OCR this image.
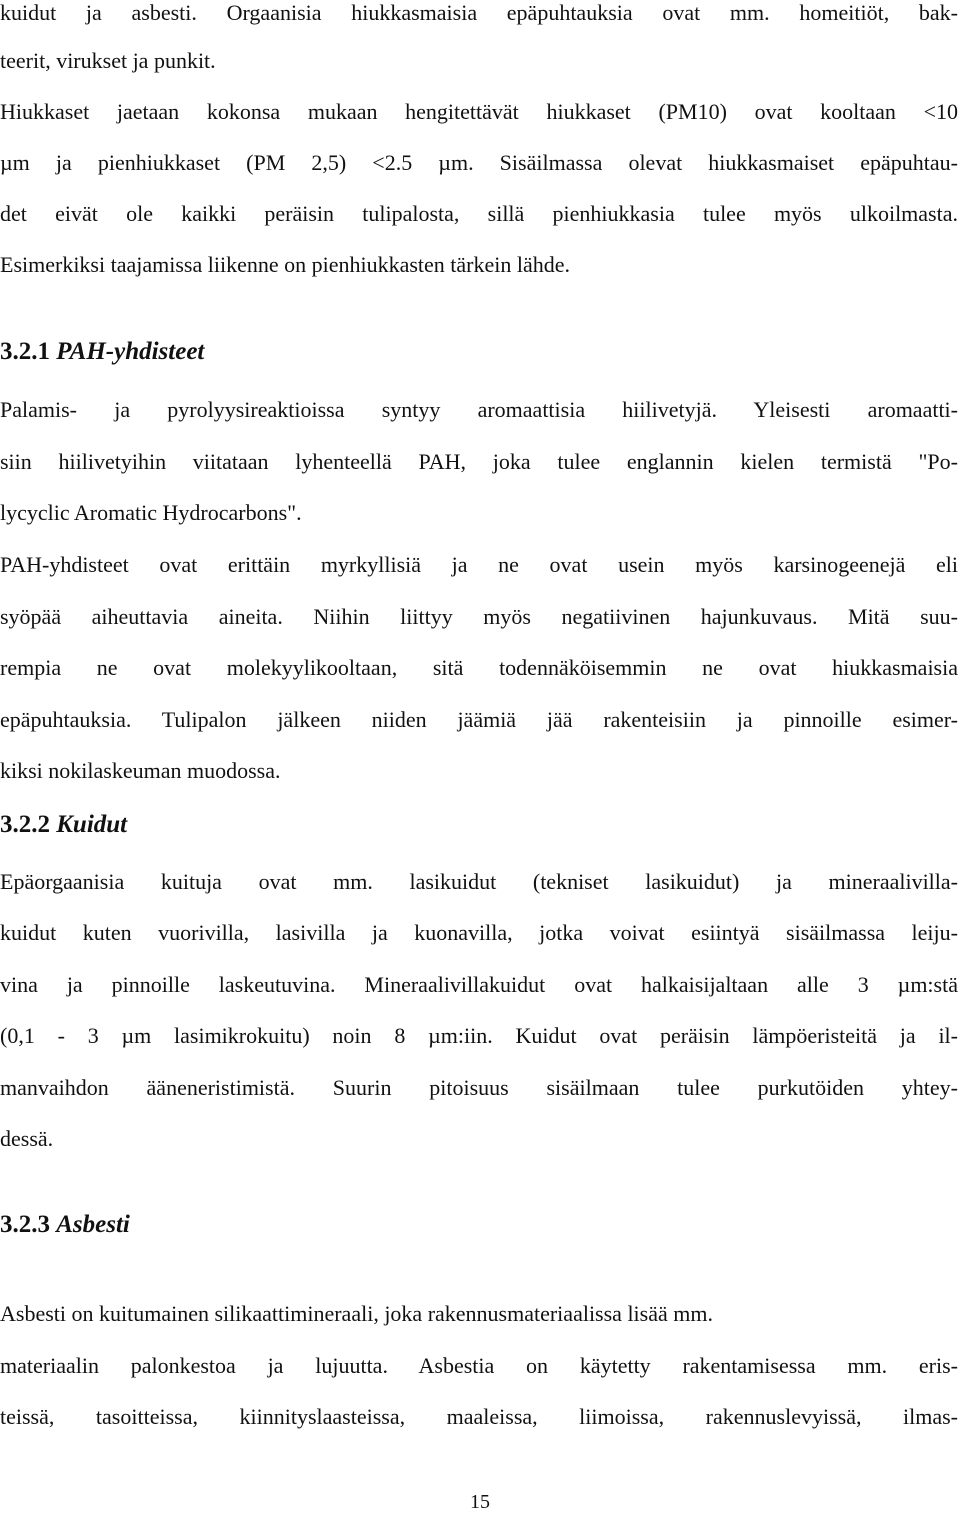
kuidut ja asbesti. Orgaanisia hiukkasmaisia epäpuhtauksia ovat mm. homeitiöt, bak-
teerit, virukset ja punkit.
Hiukkaset jaetaan kokonsa mukaan hengitettävät hiukkaset (PM10) ovat kooltaan <10
µm ja pienhiukkaset (PM 2,5) <2.5 µm. Sisäilmassa olevat hiukkasmaiset epäpuhtau-
det eivät ole kaikki peräisin tulipalosta, sillä pienhiukkasia tulee myös ulkoilmasta.
Esimerkiksi taajamissa liikenne on pienhiukkasten tärkein lähde.
3.2.1 PAH-yhdisteet
Palamis- ja pyrolyysireaktioissa syntyy aromaattisia hiilivetyjä. Yleisesti aromaatti-
siin hiilivetyihin viitataan lyhenteellä PAH, joka tulee englannin kielen termistä "Po-
lycyclic Aromatic Hydrocarbons".
PAH-yhdisteet ovat erittäin myrkyllisiä ja ne ovat usein myös karsinogeenejä eli
syöpää aiheuttavia aineita. Niihin liittyy myös negatiivinen hajunkuvaus. Mitä suu-
rempia ne ovat molekyylikooltaan, sitä todennäköisemmin ne ovat hiukkasmaisia
epäpuhtauksia. Tulipalon jälkeen niiden jäämiä jää rakenteisiin ja pinnoille esimer-
kiksi nokilaskeuman muodossa.
3.2.2 Kuidut
Epäorgaanisia kuituja ovat mm. lasikuidut (tekniset lasikuidut) ja mineraalivilla-
kuidut kuten vuorivilla, lasivilla ja kuonavilla, jotka voivat esiintyä sisäilmassa leiju-
vina ja pinnoille laskeutuvina. Mineraalivillakuidut ovat halkaisijaltaan alle 3 µm:stä
(0,1 - 3 µm lasimikrokuitu) noin 8 µm:iin. Kuidut ovat peräisin lämpöeristeitä ja il-
manvaihdon ääneneristimistä. Suurin pitoisuus sisäilmaan tulee purkutöiden yhtey-
dessä.
3.2.3 Asbesti
Asbesti on kuitumainen silikaattimineraali, joka rakennusmateriaalissa lisää mm.
materiaalin palonkestoa ja lujuutta. Asbestia on käytetty rakentamisessa mm. eris-
teissä, tasoitteissa, kiinnityslaasteissa, maaleissa, liimoissa, rakennuslevyissä, ilmas-
15
